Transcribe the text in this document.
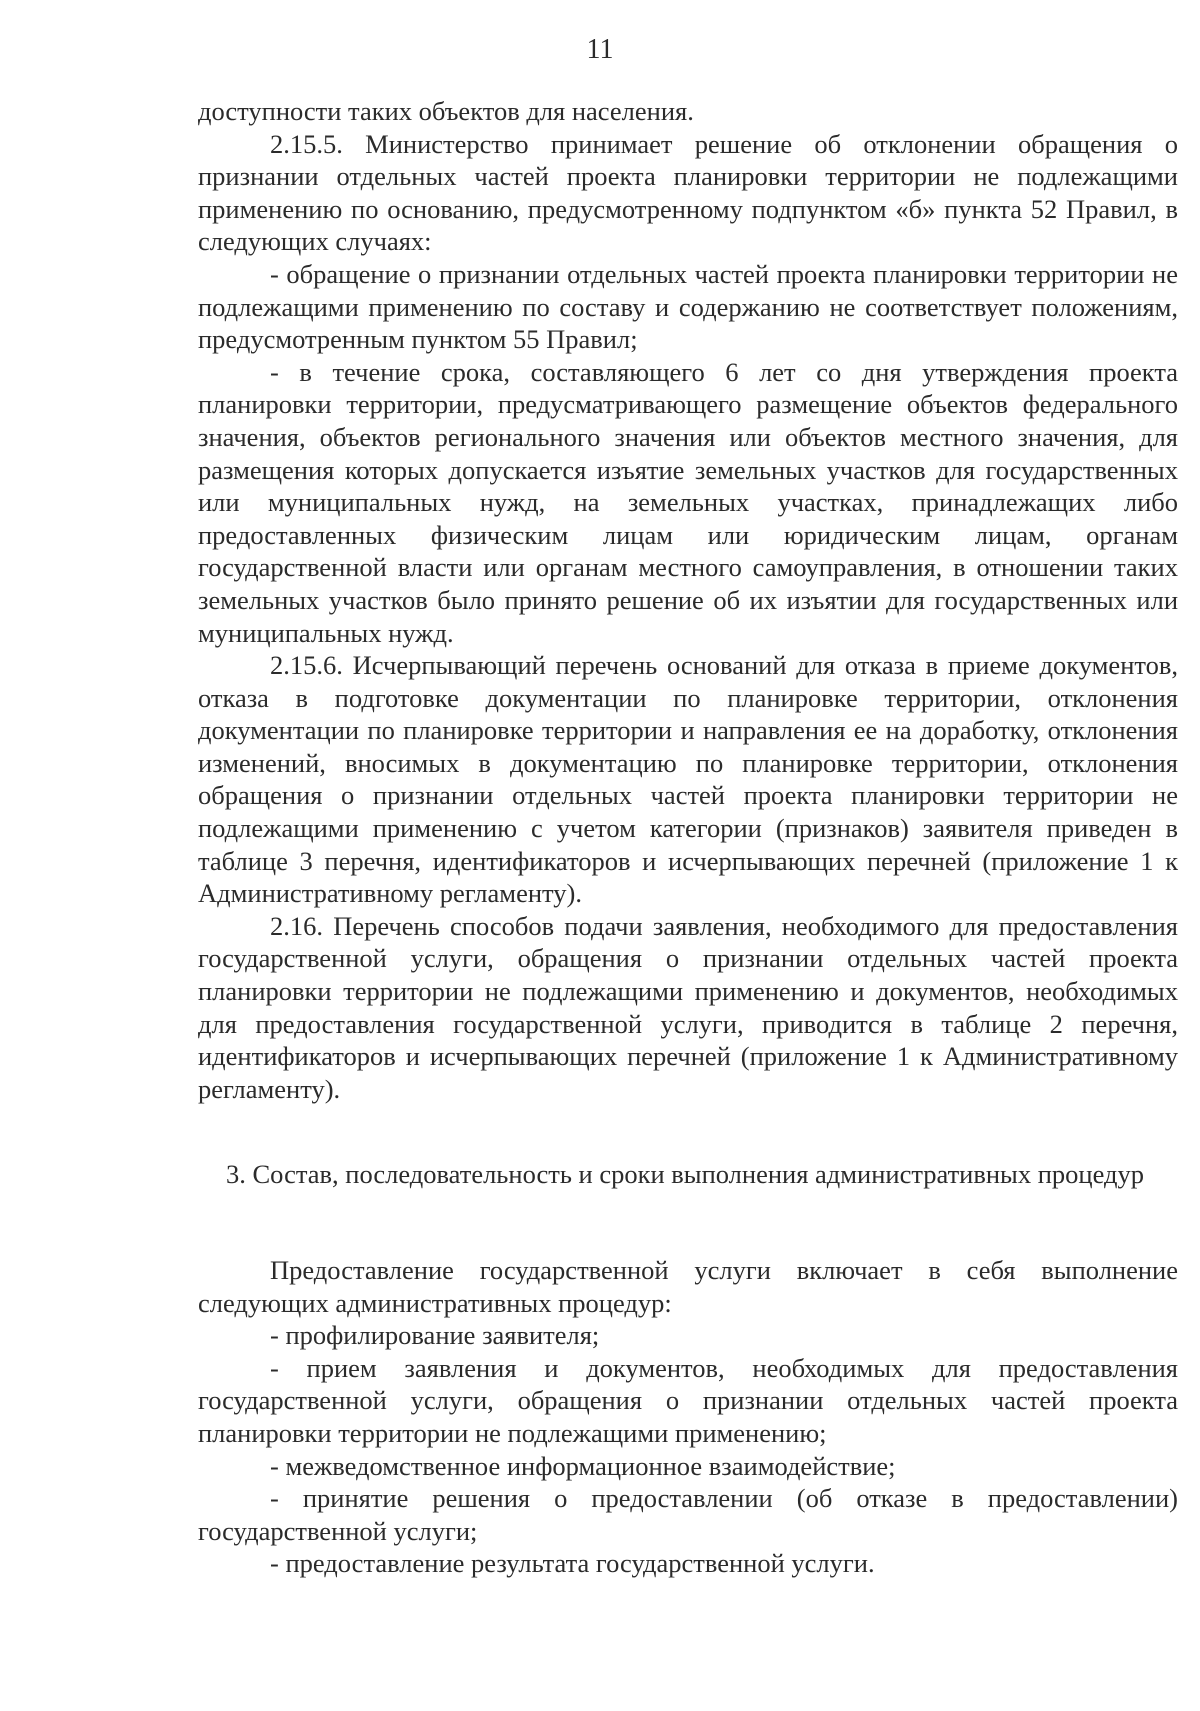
11

доступности таких объектов для населения.

2.15.5. Министерство принимает решение об отклонении обращения о признании отдельных частей проекта планировки территории не подлежащими применению по основанию, предусмотренному подпунктом «б» пункта 52 Правил, в следующих случаях:

- обращение о признании отдельных частей проекта планировки территории не подлежащими применению по составу и содержанию не соответствует положениям, предусмотренным пунктом 55 Правил;

- в течение срока, составляющего 6 лет со дня утверждения проекта планировки территории, предусматривающего размещение объектов федерального значения, объектов регионального значения или объектов местного значения, для размещения которых допускается изъятие земельных участков для государственных или муниципальных нужд, на земельных участках, принадлежащих либо предоставленных физическим лицам или юридическим лицам, органам государственной власти или органам местного самоуправления, в отношении таких земельных участков было принято решение об их изъятии для государственных или муниципальных нужд.

2.15.6. Исчерпывающий перечень оснований для отказа в приеме документов, отказа в подготовке документации по планировке территории, отклонения документации по планировке территории и направления ее на доработку, отклонения изменений, вносимых в документацию по планировке территории, отклонения обращения о признании отдельных частей проекта планировки территории не подлежащими применению с учетом категории (признаков) заявителя приведен в таблице 3 перечня, идентификаторов и исчерпывающих перечней (приложение 1 к Административному регламенту).

2.16. Перечень способов подачи заявления, необходимого для предоставления государственной услуги, обращения о признании отдельных частей проекта планировки территории не подлежащими применению и документов, необходимых для предоставления государственной услуги, приводится в таблице 2 перечня, идентификаторов и исчерпывающих перечней (приложение 1 к Административному регламенту).

3. Состав, последовательность и сроки выполнения административных процедур

Предоставление государственной услуги включает в себя выполнение следующих административных процедур:

- профилирование заявителя;

- прием заявления и документов, необходимых для предоставления государственной услуги, обращения о признании отдельных частей проекта планировки территории не подлежащими применению;

- межведомственное информационное взаимодействие;

- принятие решения о предоставлении (об отказе в предоставлении) государственной услуги;

- предоставление результата государственной услуги.
